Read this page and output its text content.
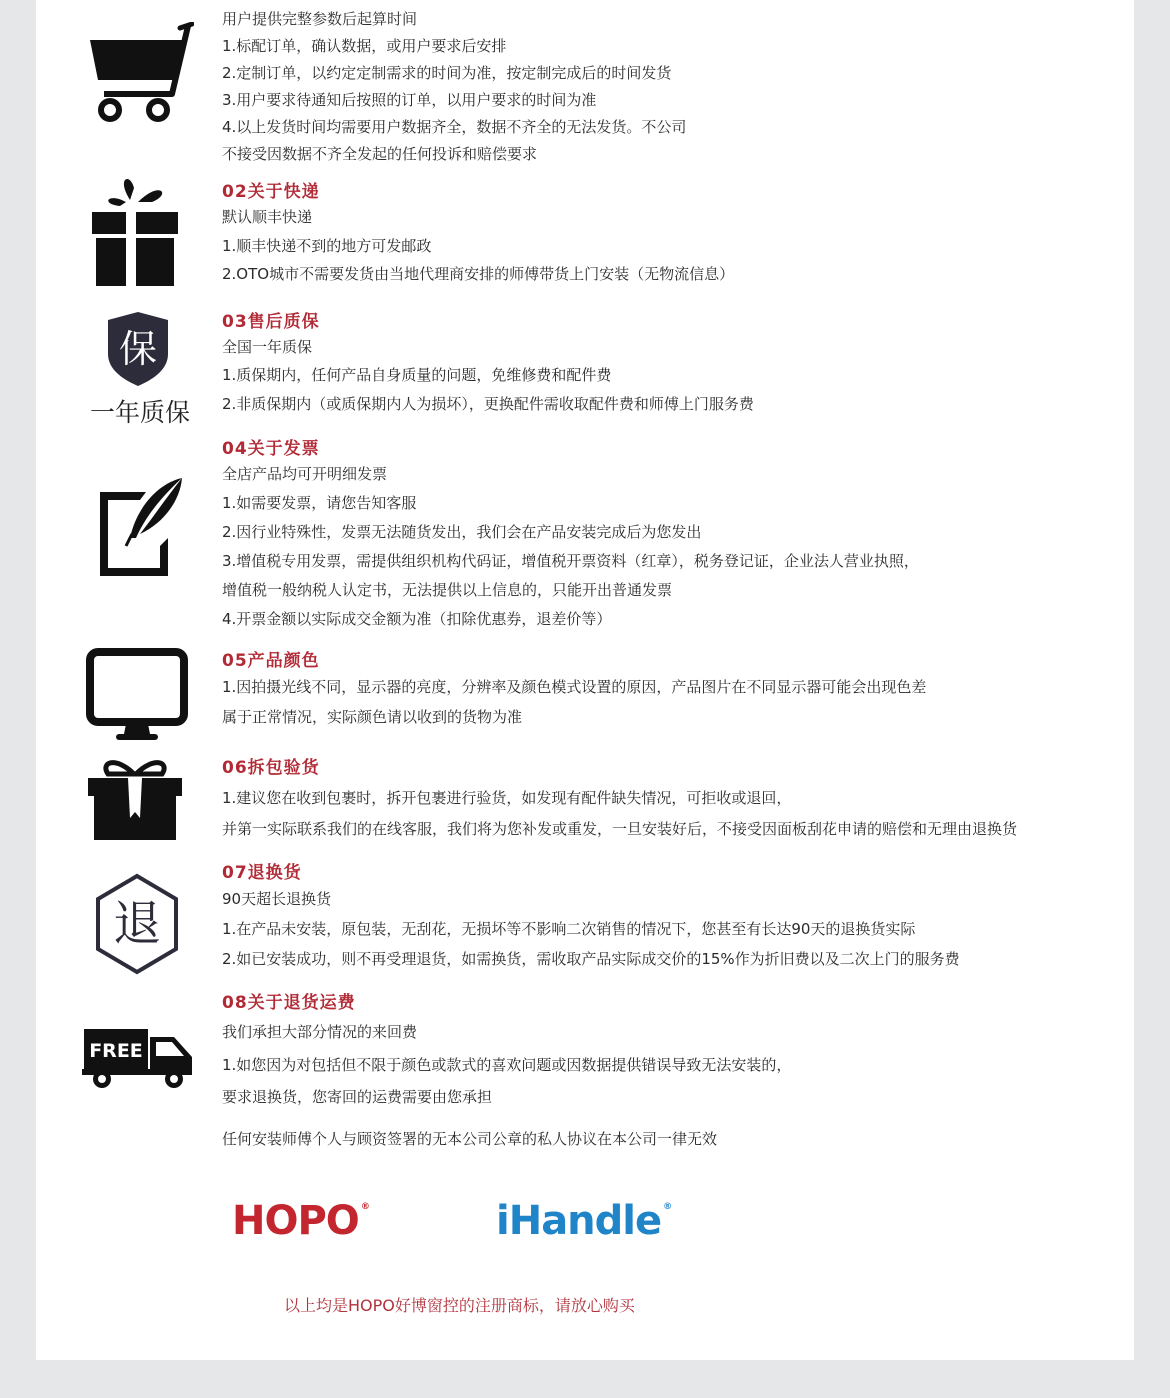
用户提供完整参数后起算时间
1.标配订单，确认数据，或用户要求后安排
2.定制订单，以约定定制需求的时间为准，按定制完成后的时间发货
3.用户要求待通知后按照的订单，以用户要求的时间为准
4.以上发货时间均需要用户数据齐全，数据不齐全的无法发货。不公司
不接受因数据不齐全发起的任何投诉和赔偿要求
02关于快递
默认顺丰快递
1.顺丰快递不到的地方可发邮政
2.OTO城市不需要发货由当地代理商安排的师傅带货上门安装（无物流信息）
03售后质保
全国一年质保
1.质保期内，任何产品自身质量的问题，免维修费和配件费
2.非质保期内（或质保期内人为损坏），更换配件需收取配件费和师傅上门服务费
保
一年质保
04关于发票
全店产品均可开明细发票
1.如需要发票，请您告知客服
2.因行业特殊性，发票无法随货发出，我们会在产品安装完成后为您发出
3.增值税专用发票，需提供组织机构代码证，增值税开票资料（红章），税务登记证，企业法人营业执照，
增值税一般纳税人认定书，无法提供以上信息的，只能开出普通发票
4.开票金额以实际成交金额为准（扣除优惠券，退差价等）
05产品颜色
1.因拍摄光线不同，显示器的亮度，分辨率及颜色模式设置的原因，产品图片在不同显示器可能会出现色差
属于正常情况，实际颜色请以收到的货物为准
06拆包验货
1.建议您在收到包裹时，拆开包裹进行验货，如发现有配件缺失情况，可拒收或退回，
并第一实际联系我们的在线客服，我们将为您补发或重发，一旦安装好后，不接受因面板刮花申请的赔偿和无理由退换货
07退换货
90天超长退换货
1.在产品未安装，原包装，无刮花，无损坏等不影响二次销售的情况下，您甚至有长达90天的退换货实际
2.如已安装成功，则不再受理退货，如需换货，需收取产品实际成交价的15%作为折旧费以及二次上门的服务费
退
08关于退货运费
我们承担大部分情况的来回费
1.如您因为对包括但不限于颜色或款式的喜欢问题或因数据提供错误导致无法安装的，
要求退换货，您寄回的运费需要由您承担
FREE
任何安装师傅个人与顾资签署的无本公司公章的私人协议在本公司一律无效
HOPO ®	iHandle ®
以上均是HOPO好博窗控的注册商标，请放心购买
